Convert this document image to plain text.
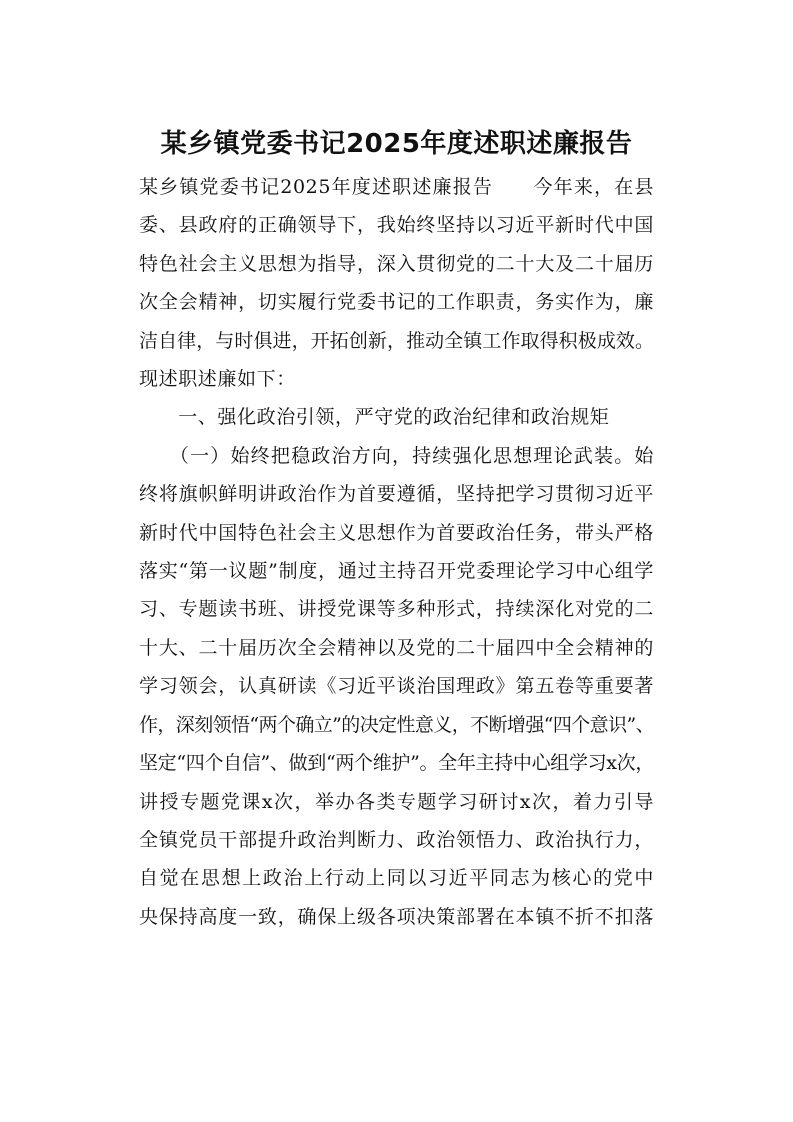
某乡镇党委书记2025年度述职述廉报告
某乡镇党委书记2025年度述职述廉报告　　今年来，在县
委、县政府的正确领导下，我始终坚持以习近平新时代中国
特色社会主义思想为指导，深入贯彻党的二十大及二十届历
次全会精神，切实履行党委书记的工作职责，务实作为，廉
洁自律，与时俱进，开拓创新，推动全镇工作取得积极成效。
现述职述廉如下：
　　一、强化政治引领，严守党的政治纪律和政治规矩
　　（一）始终把稳政治方向，持续强化思想理论武装。始
终将旗帜鲜明讲政治作为首要遵循，坚持把学习贯彻习近平
新时代中国特色社会主义思想作为首要政治任务，带头严格
落实“第一议题”制度，通过主持召开党委理论学习中心组学
习、专题读书班、讲授党课等多种形式，持续深化对党的二
十大、二十届历次全会精神以及党的二十届四中全会精神的
学习领会，认真研读《习近平谈治国理政》第五卷等重要著
作，深刻领悟“两个确立”的决定性意义，不断增强“四个意识”、
坚定“四个自信”、做到“两个维护”。全年主持中心组学习x次，
讲授专题党课x次，举办各类专题学习研讨x次，着力引导
全镇党员干部提升政治判断力、政治领悟力、政治执行力，
自觉在思想上政治上行动上同以习近平同志为核心的党中
央保持高度一致，确保上级各项决策部署在本镇不折不扣落
